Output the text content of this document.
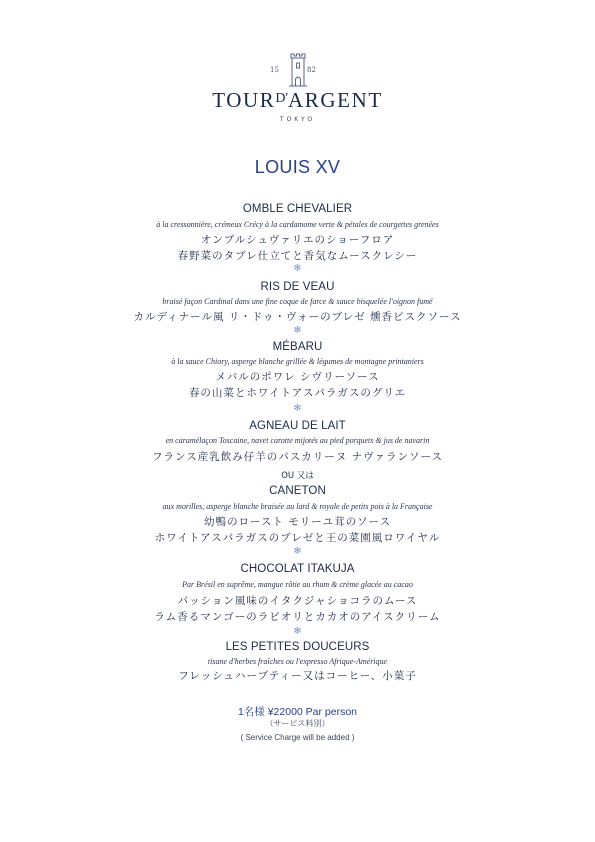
15	82
$TOUR^{D'}ARGENT$
TOKYO
LOUIS XV
OMBLE CHEVALIER
à la cressonnière, crémeux Crécy à la cardamome verte & pétales de courgettes grenées
オンブルシュヴァリエのショーフロア
春野菜のタブレ仕立てと香気なムースクレシー
❄
RIS DE VEAU
braisé façon Cardinal dans une fine coque de farce & sauce bisquelée l'oignon fumé
カルディナール風 リ・ドゥ・ヴォーのブレゼ 燻香ビスクソース
❄
MÉBARU
à la sauce Chiory, asperge blanche grillée & légumes de montagne printaniers
メバルのポワレ シヴリーソース
春の山菜とホワイトアスパラガスのグリエ
❄
AGNEAU DE LAIT
en caramélaçon Toscaine, navet carotte mijotés au pied porquets & jus de navarin
フランス産乳飲み仔羊のパスカリーヌ ナヴァランソース
OU 又は
CANETON
aux morilles, asperge blanche braisée au lard & royale de petits pois à la Française
幼鴨のロースト モリーユ茸のソース
ホワイトアスパラガスのブレゼと王の菜園風ロワイヤル
❄
CHOCOLAT ITAKUJA
Par Brésil en suprême, mangue rôtie au rhum & crème glacée au cacao
パッション風味のイタクジャショコラのムース
ラム香るマンゴーのラビオリとカカオのアイスクリーム
❄
LES PETITES DOUCEURS
tisane d'herbes fraîches ou l'expresso Afrique-Amérique
フレッシュハーブティー又はコーヒー、小菓子
1名様 ¥22000 Par person
（サービス料別）
( Service Charge will be added )
